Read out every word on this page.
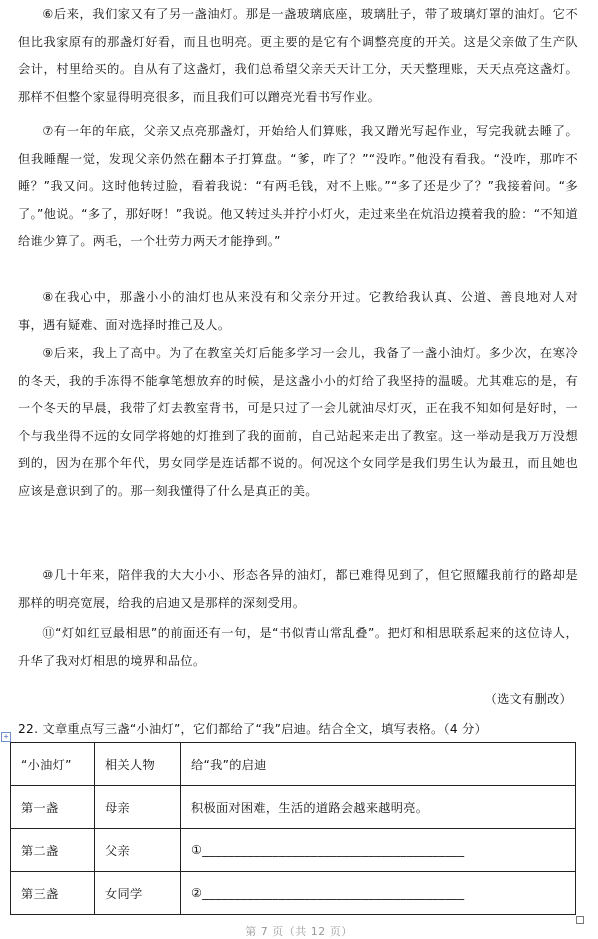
⑥后来，我们家又有了另一盏油灯。那是一盏玻璃底座，玻璃肚子，带了玻璃灯罩的油灯。它不但比我家原有的那盏灯好看，而且也明亮。更主要的是它有个调整亮度的开关。这是父亲做了生产队会计，村里给买的。自从有了这盏灯，我们总希望父亲天天计工分，天天整理账，天天点亮这盏灯。那样不但整个家显得明亮很多，而且我们可以蹭亮光看书写作业。

⑦有一年的年底，父亲又点亮那盏灯，开始给人们算账，我又蹭光写起作业，写完我就去睡了。但我睡醒一觉，发现父亲仍然在翻本子打算盘。“爹，咋了？”“没咋。”他没有看我。“没咋，那咋不睡？”我又问。这时他转过脸，看着我说：“有两毛钱，对不上账。”“多了还是少了？”我接着问。“多了。”他说。“多了，那好呀！”我说。他又转过头并拧小灯火，走过来坐在炕沿边摸着我的脸：“不知道给谁少算了。两毛，一个壮劳力两天才能挣到。”

⑧在我心中，那盏小小的油灯也从来没有和父亲分开过。它教给我认真、公道、善良地对人对事，遇有疑难、面对选择时推己及人。

⑨后来，我上了高中。为了在教室关灯后能多学习一会儿，我备了一盏小油灯。多少次，在寒冷的冬天，我的手冻得不能拿笔想放弃的时候，是这盏小小的灯给了我坚持的温暖。尤其难忘的是，有一个冬天的早晨，我带了灯去教室背书，可是只过了一会儿就油尽灯灭，正在我不知如何是好时，一个与我坐得不远的女同学将她的灯推到了我的面前，自己站起来走出了教室。这一举动是我万万没想到的，因为在那个年代，男女同学是连话都不说的。何况这个女同学是我们男生认为最丑，而且她也应该是意识到了的。那一刻我懂得了什么是真正的美。

⑩几十年来，陪伴我的大大小小、形态各异的油灯，都已难得见到了，但它照耀我前行的路却是那样的明亮宽展，给我的启迪又是那样的深刻受用。

⑪“灯如红豆最相思”的前面还有一句，是“书似青山常乱叠”。把灯和相思联系起来的这位诗人，升华了我对灯相思的境界和品位。

（选文有删改）
+
22. 文章重点写三盏“小油灯”，它们都给了“我”启迪。结合全文，填写表格。（4 分）
“小油灯”	相关人物	给“我”的启迪
第一盏	母亲	积极面对困难，生活的道路会越来越明亮。
第二盏	父亲	①_________________________________________
第三盏	女同学	②_________________________________________
第 7 页（共 12 页）
